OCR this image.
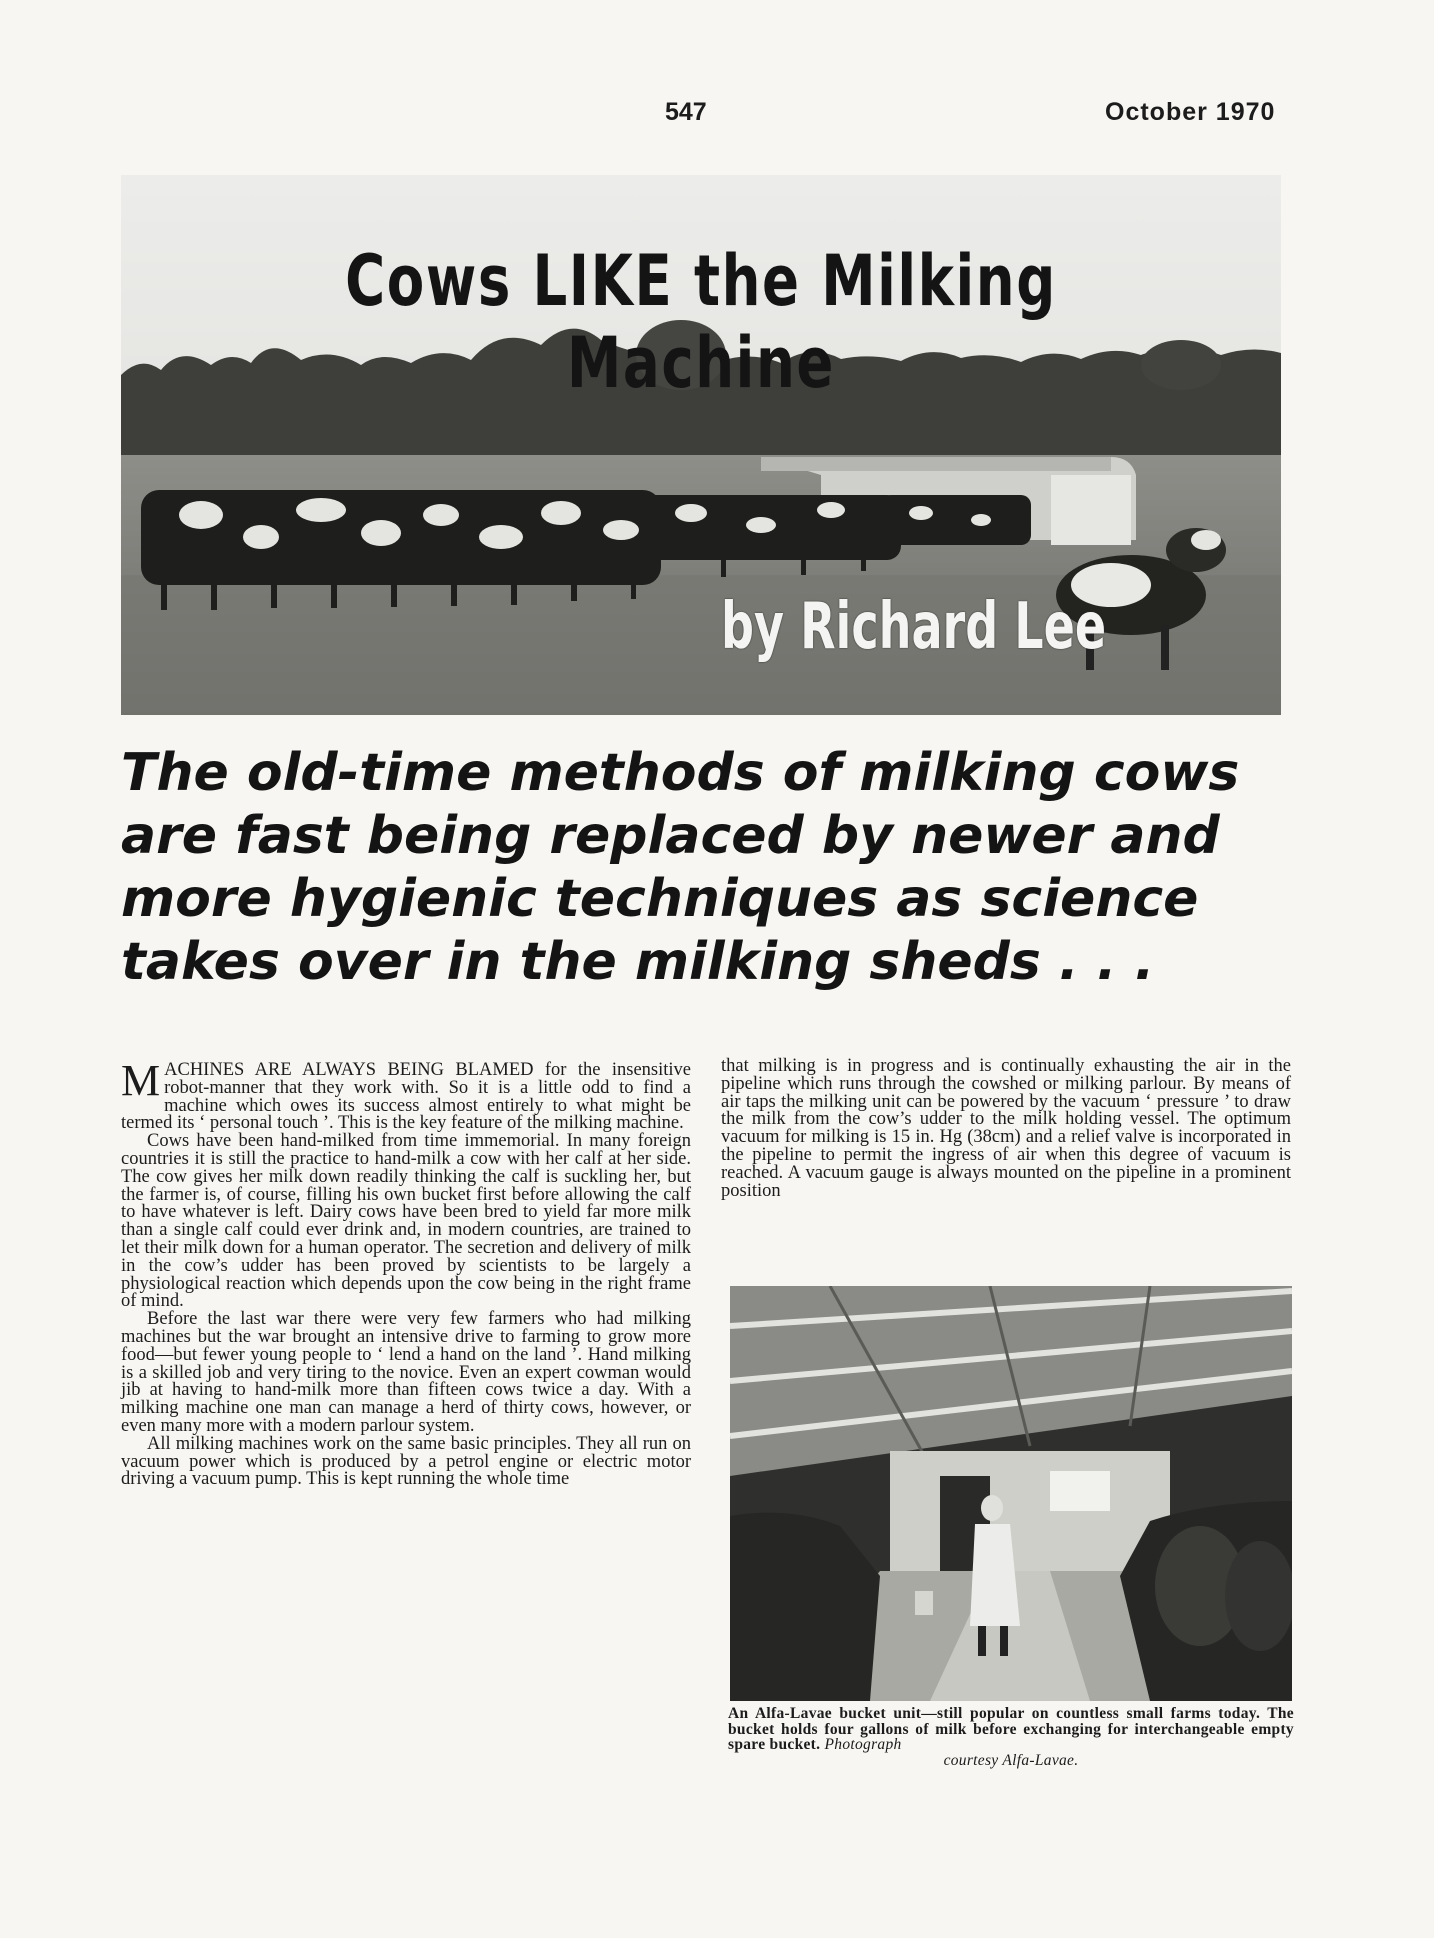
547	October 1970
Cows LIKE the Milking Machine
by Richard Lee
The old-time methods of milking cows are fast being replaced by newer and more hygienic techniques as science takes over in the milking sheds . . .

MACHINES ARE ALWAYS BEING BLAMED for the insensitive robot-manner that they work with. So it is a little odd to find a machine which owes its success almost entirely to what might be termed its ‘ personal touch ’. This is the key feature of the milking machine.

Cows have been hand-milked from time immemorial. In many foreign countries it is still the practice to hand-milk a cow with her calf at her side. The cow gives her milk down readily thinking the calf is suckling her, but the farmer is, of course, filling his own bucket first before allowing the calf to have whatever is left. Dairy cows have been bred to yield far more milk than a single calf could ever drink and, in modern countries, are trained to let their milk down for a human operator. The secretion and delivery of milk in the cow’s udder has been proved by scientists to be largely a physiological reaction which depends upon the cow being in the right frame of mind.

Before the last war there were very few farmers who had milking machines but the war brought an intensive drive to farming to grow more food—but fewer young people to ‘ lend a hand on the land ’. Hand milking is a skilled job and very tiring to the novice. Even an expert cowman would jib at having to hand-milk more than fifteen cows twice a day. With a milking machine one man can manage a herd of thirty cows, however, or even many more with a modern parlour system.

All milking machines work on the same basic principles. They all run on vacuum power which is produced by a petrol engine or electric motor driving a vacuum pump. This is kept running the whole time

that milking is in progress and is continually exhausting the air in the pipeline which runs through the cowshed or milking parlour. By means of air taps the milking unit can be powered by the vacuum ‘ pressure ’ to draw the milk from the cow’s udder to the milk holding vessel. The optimum vacuum for milking is 15 in. Hg (38cm) and a relief valve is incorporated in the pipeline to permit the ingress of air when this degree of vacuum is reached. A vacuum gauge is always mounted on the pipeline in a prominent position

An Alfa-Lavae bucket unit—still popular on countless small farms today. The bucket holds four gallons of milk before exchanging for interchangeable empty spare bucket. Photograph
courtesy Alfa-Lavae.
